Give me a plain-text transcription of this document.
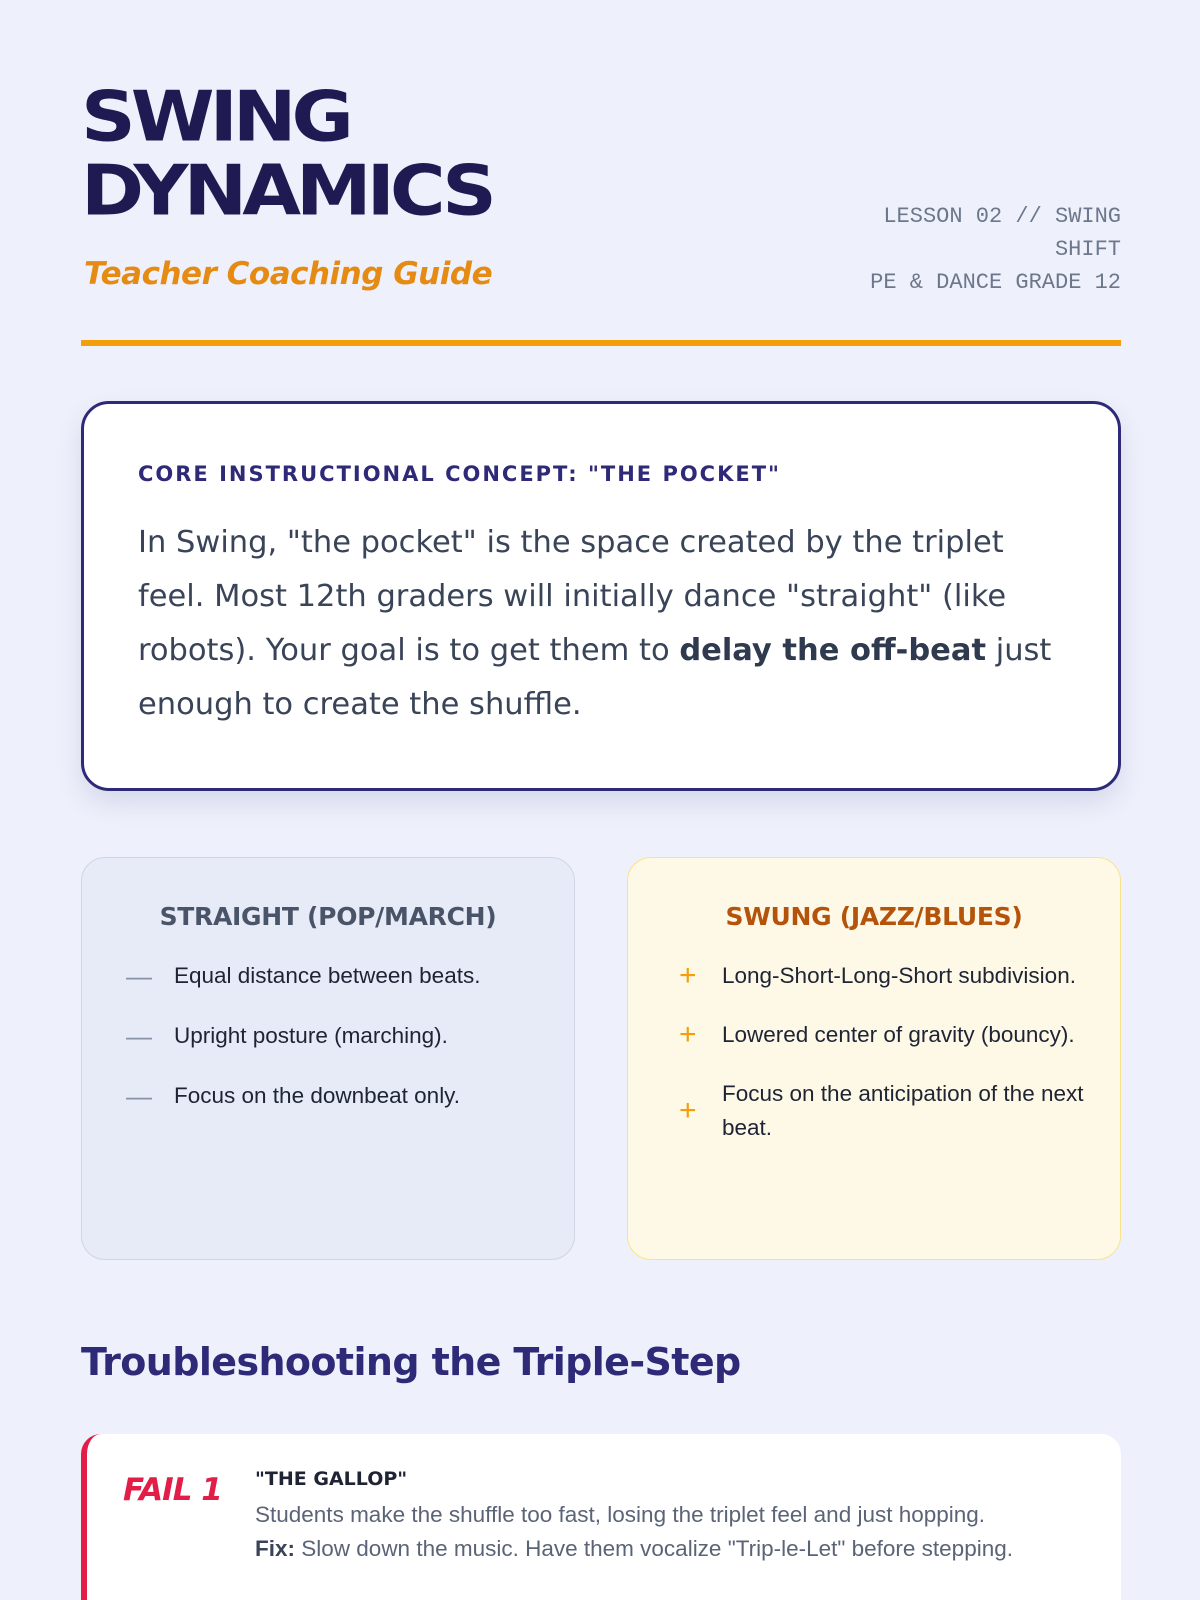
SWING
DYNAMICS
Teacher Coaching Guide
LESSON 02 // SWING
SHIFT
PE & DANCE GRADE 12
CORE INSTRUCTIONAL CONCEPT: "THE POCKET"

In Swing, "the pocket" is the space created by the triplet feel. Most 12th graders will initially dance "straight" (like robots). Your goal is to get them to delay the off-beat just enough to create the shuffle.

STRAIGHT (POP/MARCH)
— Equal distance between beats.
— Upright posture (marching).
— Focus on the downbeat only.
SWUNG (JAZZ/BLUES)
+	Long-Short-Long-Short subdivision.
+	Lowered center of gravity (bouncy).
+
Focus on the anticipation of the next beat.
Troubleshooting the Triple-Step
FAIL 1 "THE GALLOP"

Students make the shuffle too fast, losing the triplet feel and just hopping.
Fix: Slow down the music. Have them vocalize "Trip-le-Let" before stepping.
